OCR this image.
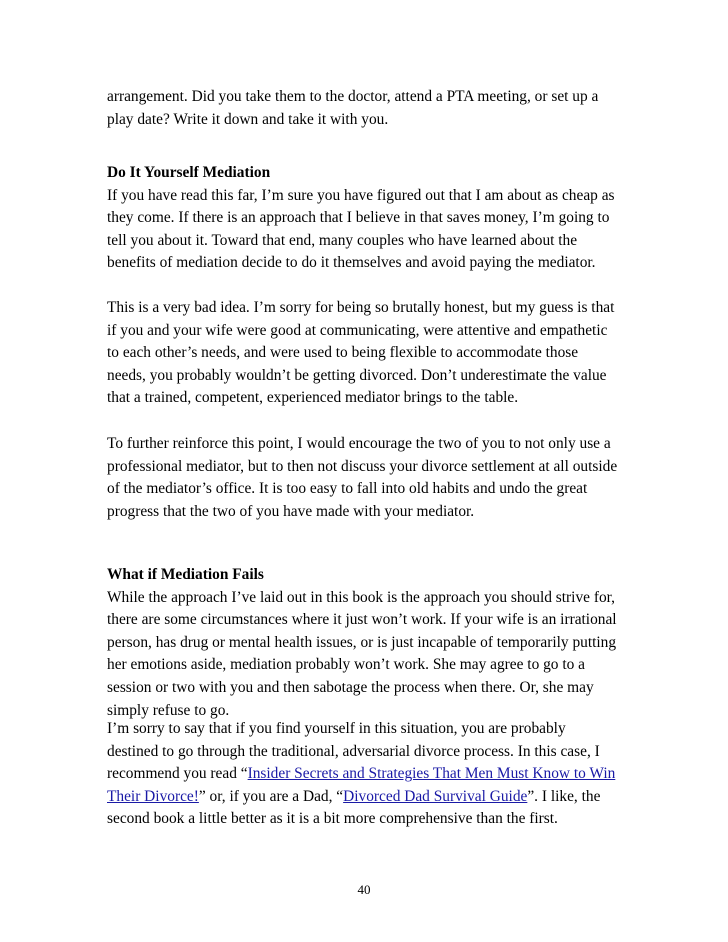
arrangement. Did you take them to the doctor, attend a PTA meeting, or set up a play date? Write it down and take it with you.

Do It Yourself Mediation

If you have read this far, I’m sure you have figured out that I am about as cheap as they come. If there is an approach that I believe in that saves money, I’m going to tell you about it. Toward that end, many couples who have learned about the benefits of mediation decide to do it themselves and avoid paying the mediator.

This is a very bad idea. I’m sorry for being so brutally honest, but my guess is that if you and your wife were good at communicating, were attentive and empathetic to each other’s needs, and were used to being flexible to accommodate those needs, you probably wouldn’t be getting divorced. Don’t underestimate the value that a trained, competent, experienced mediator brings to the table.

To further reinforce this point, I would encourage the two of you to not only use a professional mediator, but to then not discuss your divorce settlement at all outside of the mediator’s office. It is too easy to fall into old habits and undo the great progress that the two of you have made with your mediator.

What if Mediation Fails

While the approach I’ve laid out in this book is the approach you should strive for, there are some circumstances where it just won’t work. If your wife is an irrational person, has drug or mental health issues, or is just incapable of temporarily putting her emotions aside, mediation probably won’t work. She may agree to go to a session or two with you and then sabotage the process when there. Or, she may simply refuse to go.

I’m sorry to say that if you find yourself in this situation, you are probably destined to go through the traditional, adversarial divorce process. In this case, I recommend you read “Insider Secrets and Strategies That Men Must Know to Win Their Divorce!” or, if you are a Dad, “Divorced Dad Survival Guide”. I like, the second book a little better as it is a bit more comprehensive than the first.

40
